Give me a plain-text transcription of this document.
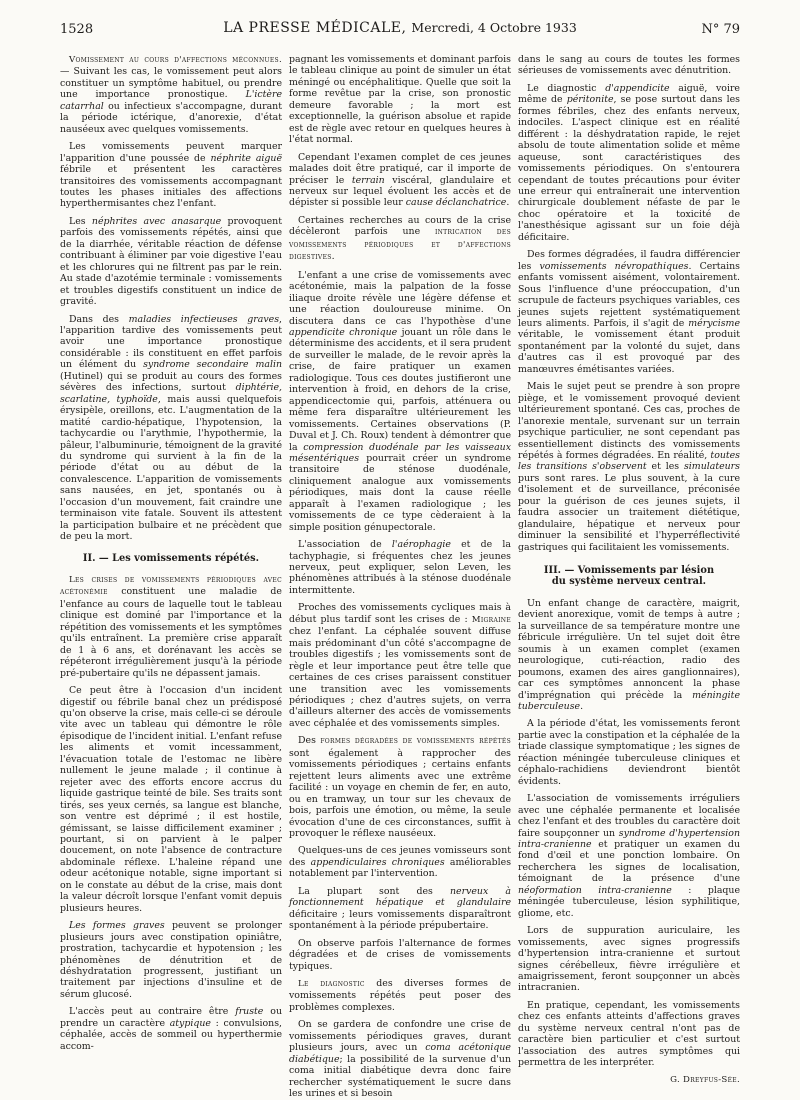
1528	LA PRESSE MÉDICALE, Mercredi, 4 Octobre 1933	N° 79

Vomissement au cours d'affections méconnues. — Suivant les cas, le vomissement peut alors constituer un symptôme habituel, ou prendre une importance pronostique. L'ictère catarrhal ou infectieux s'accompagne, durant la période ictérique, d'anorexie, d'état nauséeux avec quelques vomissements.

Les vomissements peuvent marquer l'apparition d'une poussée de néphrite aiguë fébrile et présentent les caractères transitoires des vomissements accompagnant toutes les phases initiales des affections hyperthermisantes chez l'enfant.

Les néphrites avec anasarque provoquent parfois des vomissements répétés, ainsi que de la diarrhée, véritable réaction de défense contribuant à éliminer par voie digestive l'eau et les chlorures qui ne filtrent pas par le rein. Au stade d'azotémie terminale : vomissements et troubles digestifs constituent un indice de gravité.

Dans des maladies infectieuses graves, l'apparition tardive des vomissements peut avoir une importance pronostique considérable : ils constituent en effet parfois un élément du syndrome secondaire malin (Hutinel) qui se produit au cours des formes sévères des infections, surtout diphtérie, scarlatine, typhoïde, mais aussi quelquefois érysipèle, oreillons, etc. L'augmentation de la matité cardio-hépatique, l'hypotension, la tachycardie ou l'arythmie, l'hypothermie, la pâleur, l'albuminurie, témoignent de la gravité du syndrome qui survient à la fin de la période d'état ou au début de la convalescence. L'apparition de vomissements sans nausées, en jet, spontanés ou à l'occasion d'un mouvement, fait craindre une terminaison vite fatale. Souvent ils attestent la participation bulbaire et ne précèdent que de peu la mort.

II. — Les vomissements répétés.

Les crises de vomissements périodiques avec acétonémie constituent une maladie de l'enfance au cours de laquelle tout le tableau clinique est dominé par l'importance et la répétition des vomissements et les symptômes qu'ils entraînent. La première crise apparaît de 1 à 6 ans, et dorénavant les accès se répéteront irrégulièrement jusqu'à la période pré-pubertaire qu'ils ne dépassent jamais.

Ce peut être à l'occasion d'un incident digestif ou fébrile banal chez un prédisposé qu'on observe la crise, mais celle-ci se déroule vite avec un tableau qui démontre le rôle épisodique de l'incident initial. L'enfant refuse les aliments et vomit incessamment, l'évacuation totale de l'estomac ne libère nullement le jeune malade ; il continue à rejeter avec des efforts encore accrus du liquide gastrique teinté de bile. Ses traits sont tirés, ses yeux cernés, sa langue est blanche, son ventre est déprimé ; il est hostile, gémissant, se laisse difficilement examiner ; pourtant, si on parvient à le palper doucement, on note l'absence de contracture abdominale réflexe. L'haleine répand une odeur acétonique notable, signe important si on le constate au début de la crise, mais dont la valeur décroît lorsque l'enfant vomit depuis plusieurs heures.

Les formes graves peuvent se prolonger plusieurs jours avec constipation opiniâtre, prostration, tachycardie et hypotension ; les phénomènes de dénutrition et de déshydratation progressent, justifiant un traitement par injections d'insuline et de sérum glucosé.

L'accès peut au contraire être fruste ou prendre un caractère atypique : convulsions, céphalée, accès de sommeil ou hyperthermie accom-

pagnant les vomissements et dominant parfois le tableau clinique au point de simuler un état méningé ou encéphalitique. Quelle que soit la forme revêtue par la crise, son pronostic demeure favorable ; la mort est exceptionnelle, la guérison absolue et rapide est de règle avec retour en quelques heures à l'état normal.

Cependant l'examen complet de ces jeunes malades doit être pratiqué, car il importe de préciser le terrain viscéral, glandulaire et nerveux sur lequel évoluent les accès et de dépister si possible leur cause déclanchatrice.

Certaines recherches au cours de la crise décèleront parfois une intrication des vomissements périodiques et d'affections digestives.

L'enfant a une crise de vomissements avec acétonémie, mais la palpation de la fosse iliaque droite révèle une légère défense et une réaction douloureuse minime. On discutera dans ce cas l'hypothèse d'une appendicite chronique jouant un rôle dans le déterminisme des accidents, et il sera prudent de surveiller le malade, de le revoir après la crise, de faire pratiquer un examen radiologique. Tous ces doutes justifieront une intervention à froid, en dehors de la crise, appendicectomie qui, parfois, atténuera ou même fera disparaître ultérieurement les vomissements. Certaines observations (P. Duval et J. Ch. Roux) tendent à démontrer que la compression duodénale par les vaisseaux mésentériques pourrait créer un syndrome transitoire de sténose duodénale, cliniquement analogue aux vomissements périodiques, mais dont la cause réelle apparaît à l'examen radiologique ; les vomissements de ce type cèderaient à la simple position génupectorale.

L'association de l'aérophagie et de la tachyphagie, si fréquentes chez les jeunes nerveux, peut expliquer, selon Leven, les phénomènes attribués à la sténose duodénale intermittente.

Proches des vomissements cycliques mais à début plus tardif sont les crises de : Migraine chez l'enfant. La céphalée souvent diffuse mais prédominant d'un côté s'accompagne de troubles digestifs ; les vomissements sont de règle et leur importance peut être telle que certaines de ces crises paraissent constituer une transition avec les vomissements périodiques ; chez d'autres sujets, on verra d'ailleurs alterner des accès de vomissements avec céphalée et des vomissements simples.

Des formes dégradées de vomissements répétés sont également à rapprocher des vomissements périodiques ; certains enfants rejettent leurs aliments avec une extrême facilité : un voyage en chemin de fer, en auto, ou en tramway, un tour sur les chevaux de bois, parfois une émotion, ou même, la seule évocation d'une de ces circonstances, suffit à provoquer le réflexe nauséeux.

Quelques-uns de ces jeunes vomisseurs sont des appendiculaires chroniques améliorables notablement par l'intervention.

La plupart sont des nerveux à fonctionnement hépatique et glandulaire déficitaire ; leurs vomissements disparaîtront spontanément à la période prépubertaire.

On observe parfois l'alternance de formes dégradées et de crises de vomissements typiques.

Le diagnostic des diverses formes de vomissements répétés peut poser des problèmes complexes.

On se gardera de confondre une crise de vomissements périodiques graves, durant plusieurs jours, avec un coma acétonique diabétique; la possibilité de la survenue d'un coma initial diabétique devra donc faire rechercher systématiquement le sucre dans les urines et si besoin

dans le sang au cours de toutes les formes sérieuses de vomissements avec dénutrition.

Le diagnostic d'appendicite aiguë, voire même de péritonite, se pose surtout dans les formes fébriles, chez des enfants nerveux, indociles. L'aspect clinique est en réalité différent : la déshydratation rapide, le rejet absolu de toute alimentation solide et même aqueuse, sont caractéristiques des vomissements périodiques. On s'entourera cependant de toutes précautions pour éviter une erreur qui entraînerait une intervention chirurgicale doublement néfaste de par le choc opératoire et la toxicité de l'anesthésique agissant sur un foie déjà déficitaire.

Des formes dégradées, il faudra différencier les vomissements névropathiques. Certains enfants vomissent aisément, volontairement. Sous l'influence d'une préoccupation, d'un scrupule de facteurs psychiques variables, ces jeunes sujets rejettent systématiquement leurs aliments. Parfois, il s'agit de mérycisme véritable, le vomissement étant produit spontanément par la volonté du sujet, dans d'autres cas il est provoqué par des manœuvres émétisantes variées.

Mais le sujet peut se prendre à son propre piège, et le vomissement provoqué devient ultérieurement spontané. Ces cas, proches de l'anorexie mentale, survenant sur un terrain psychique particulier, ne sont cependant pas essentiellement distincts des vomissements répétés à formes dégradées. En réalité, toutes les transitions s'observent et les simulateurs purs sont rares. Le plus souvent, à la cure d'isolement et de surveillance, préconisée pour la guérison de ces jeunes sujets, il faudra associer un traitement diététique, glandulaire, hépatique et nerveux pour diminuer la sensibilité et l'hyperréflectivité gastriques qui facilitaient les vomissements.

III. — Vomissements par lésion
du système nerveux central.

Un enfant change de caractère, maigrit, devient anorexique, vomit de temps à autre ; la surveillance de sa température montre une fébricule irrégulière. Un tel sujet doit être soumis à un examen complet (examen neurologique, cuti-réaction, radio des poumons, examen des aires ganglionnaires), car ces symptômes annoncent la phase d'imprégnation qui précède la méningite tuberculeuse.

A la période d'état, les vomissements feront partie avec la constipation et la céphalée de la triade classique symptomatique ; les signes de réaction méningée tuberculeuse cliniques et céphalo-rachidiens deviendront bientôt évidents.

L'association de vomissements irréguliers avec une céphalée permanente et localisée chez l'enfant et des troubles du caractère doit faire soupçonner un syndrome d'hypertension intra-cranienne et pratiquer un examen du fond d'œil et une ponction lombaire. On recherchera les signes de localisation, témoignant de la présence d'une néoformation intra-cranienne : plaque méningée tuberculeuse, lésion syphilitique, gliome, etc.

Lors de suppuration auriculaire, les vomissements, avec signes progressifs d'hypertension intra-cranienne et surtout signes cérébelleux, fièvre irrégulière et amaigrissement, feront soupçonner un abcès intracranien.

En pratique, cependant, les vomissements chez ces enfants atteints d'affections graves du système nerveux central n'ont pas de caractère bien particulier et c'est surtout l'association des autres symptômes qui permettra de les interpréter.

G. Dreyfus-Sée.
